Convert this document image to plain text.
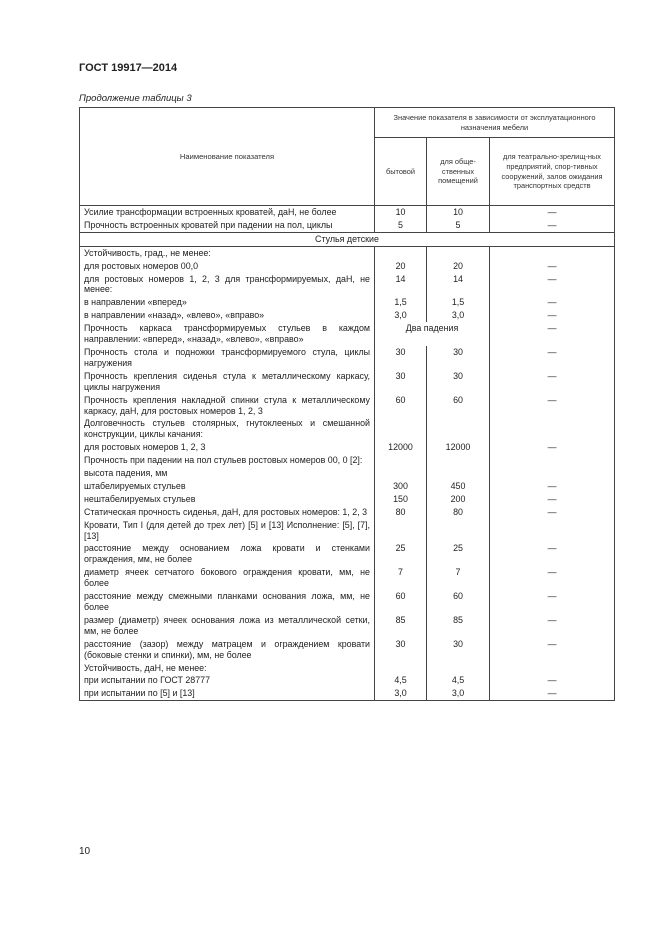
ГОСТ 19917—2014
Продолжение таблицы 3
Наименование показателя	Значение показателя в зависимости от эксплуатационного назначения мебели		
	бытовой	для обще-ственных помещений	для театрально-зрелищ-ных предприятий, спор-тивных сооружений, залов ожидания транспортных средств
Усилие трансформации встроенных кроватей, даН, не более	10	10	—
Прочность встроенных кроватей при падении на пол, циклы	5	5	—
Стулья детские			
Устойчивость, град., не менее:			
для ростовых номеров 00,0	20	20	—
для ростовых номеров 1, 2, 3 для трансформируемых, даН, не менее:	14	14	—
в направлении «вперед»	1,5	1,5	—
в направлении «назад», «влево», «вправо»	3,0	3,0	—
Прочность каркаса трансформируемых стульев в каждом направлении: «вперед», «назад», «влево», «вправо»	Два падения		—
Прочность стола и подножки трансформируемого стула, циклы нагружения	30	30	—
Прочность крепления сиденья стула к металлическому каркасу, циклы нагружения	30	30	—
Прочность крепления накладной спинки стула к металлическому каркасу, даН, для ростовых номеров 1, 2, 3	60	60	—
Долговечность стульев столярных, гнутоклееных и смешанной конструкции, циклы качания:			
для ростовых номеров 1, 2, 3	12000	12000	—
Прочность при падении на пол стульев ростовых номеров 00, 0 [2]:			
высота падения, мм			
штабелируемых стульев	300	450	—
нештабелируемых стульев	150	200	—
Статическая прочность сиденья, даН, для ростовых номеров: 1, 2, 3	80	80	—
Кровати, Тип I (для детей до трех лет) [5] и [13] Исполнение: [5], [7], [13]			
расстояние между основанием ложа кровати и стенками ограждения, мм, не более	25	25	—
диаметр ячеек сетчатого бокового ограждения кровати, мм, не более	7	7	—
расстояние между смежными планками основания ложа, мм, не более	60	60	—
размер (диаметр) ячеек основания ложа из металлической сетки, мм, не более	85	85	—
расстояние (зазор) между матрацем и ограждением кровати (боковые стенки и спинки), мм, не более	30	30	—
Устойчивость, даН, не менее:			
при испытании по ГОСТ 28777	4,5	4,5	—
при испытании по [5] и [13]	3,0	3,0	—
10
